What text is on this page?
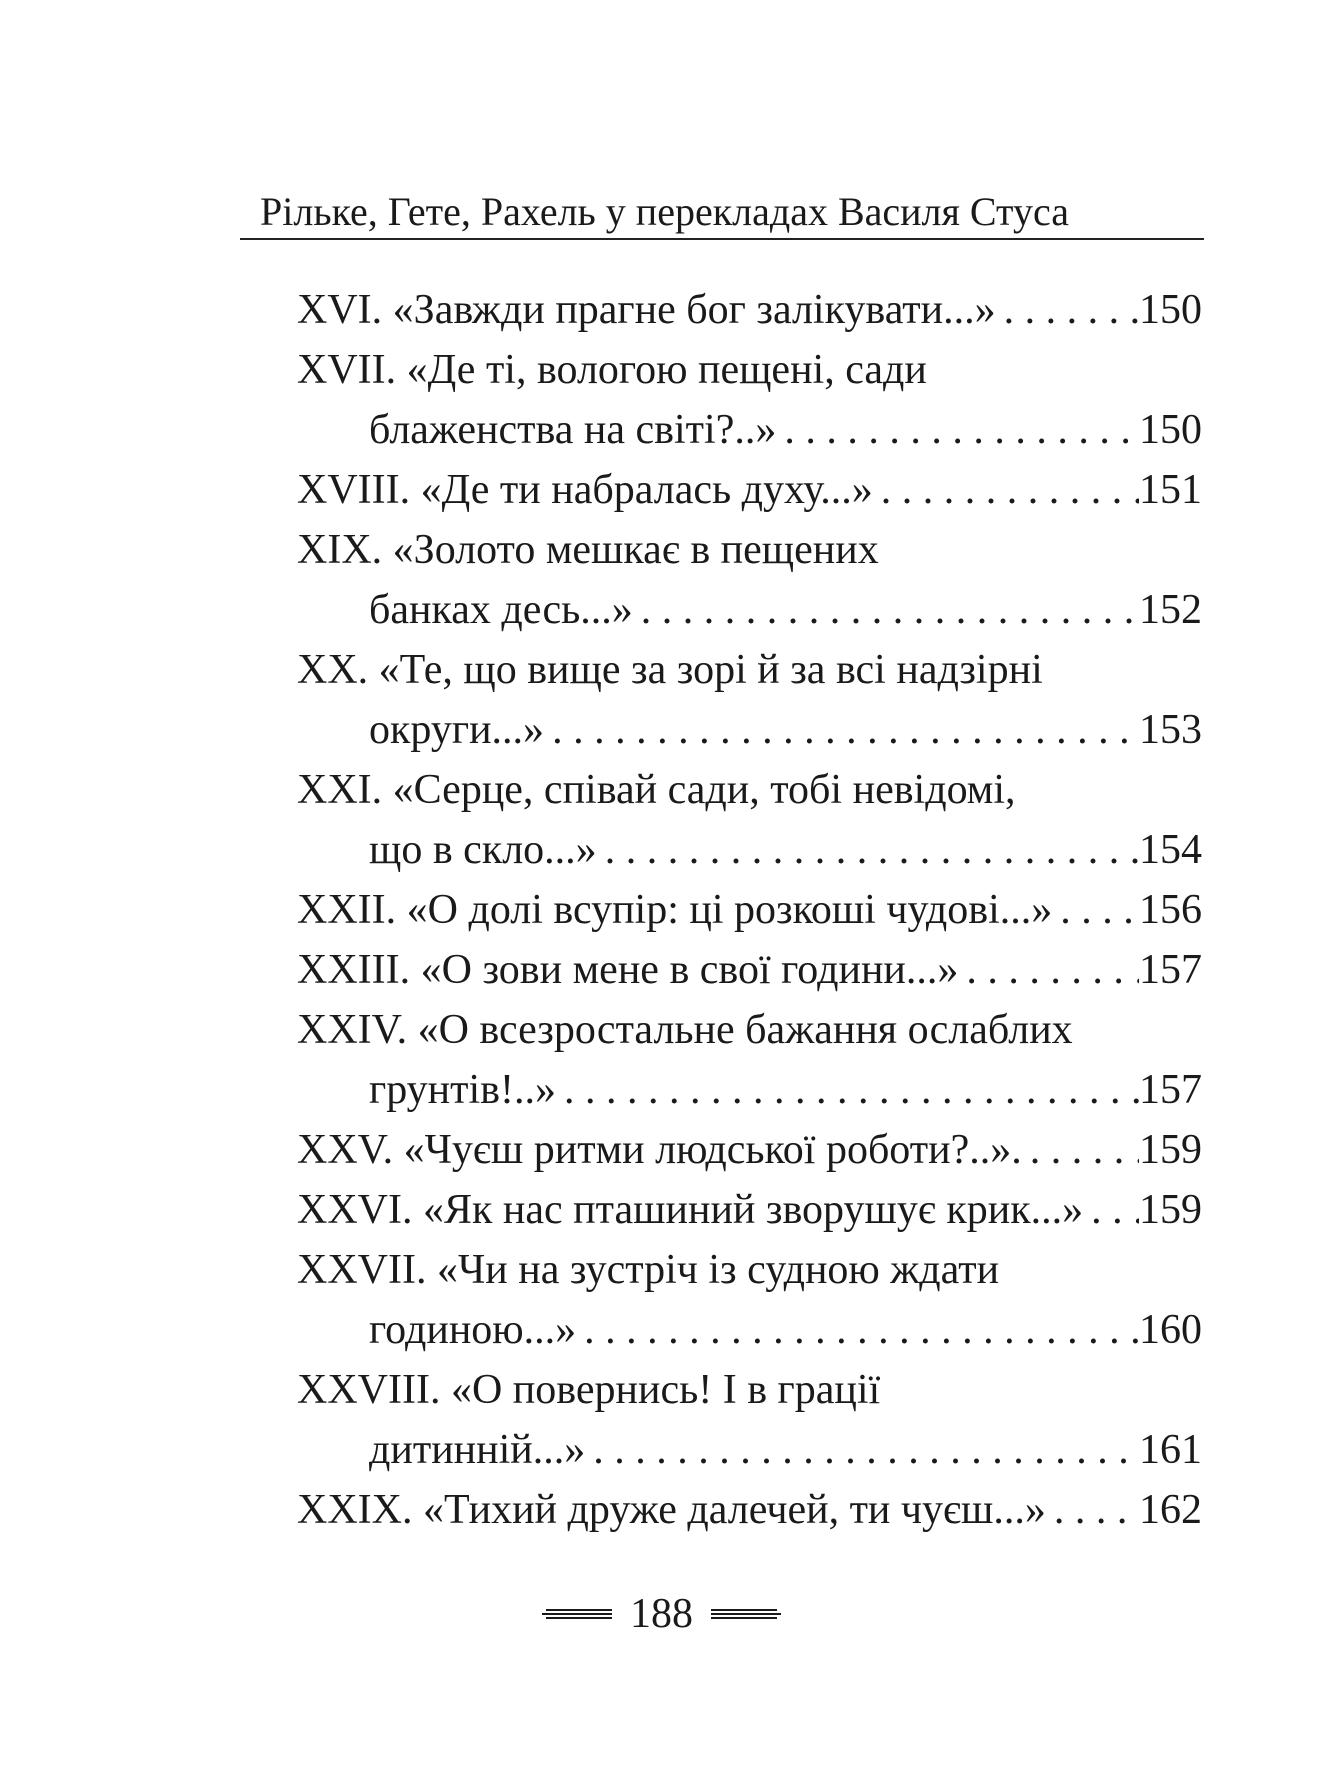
Рільке, Гете, Рахель у перекладах Василя Стуса
XVI. «Завжди прагне бог залікувати...» . . .	150
XVII. «Де ті, вологою пещені, сади
блаженства на світі?..» . . .	150
XVIII. «Де ти набралась духу...» . . .	151
XIX. «Золото мешкає в пещених
банках десь...» . . .	152
XX. «Те, що вище за зорі й за всі надзірні
округи...» . . .	153
XXI. «Серце, співай сади, тобі невідомі,
що в скло...» . . .	154
XXII. «О долі всупір: ці розкоші чудові...» . . . 156
XXIII. «О зови мене в свої години...» . . .	157
XXIV. «О всезростальне бажання ослаблих
грунтів!..» . . .	157
XXV. «Чуєш ритми людської роботи?..». . . .	159
XXVI. «Як нас пташиний зворушує крик...» . . . 159
XXVII. «Чи на зустріч із судною ждати
годиною...» . . .	160
XXVIII. «О повернись! І в грації
дитинній...» . . .	161
XXIX. «Тихий друже далечей, ти чуєш...» . . . 162
188
